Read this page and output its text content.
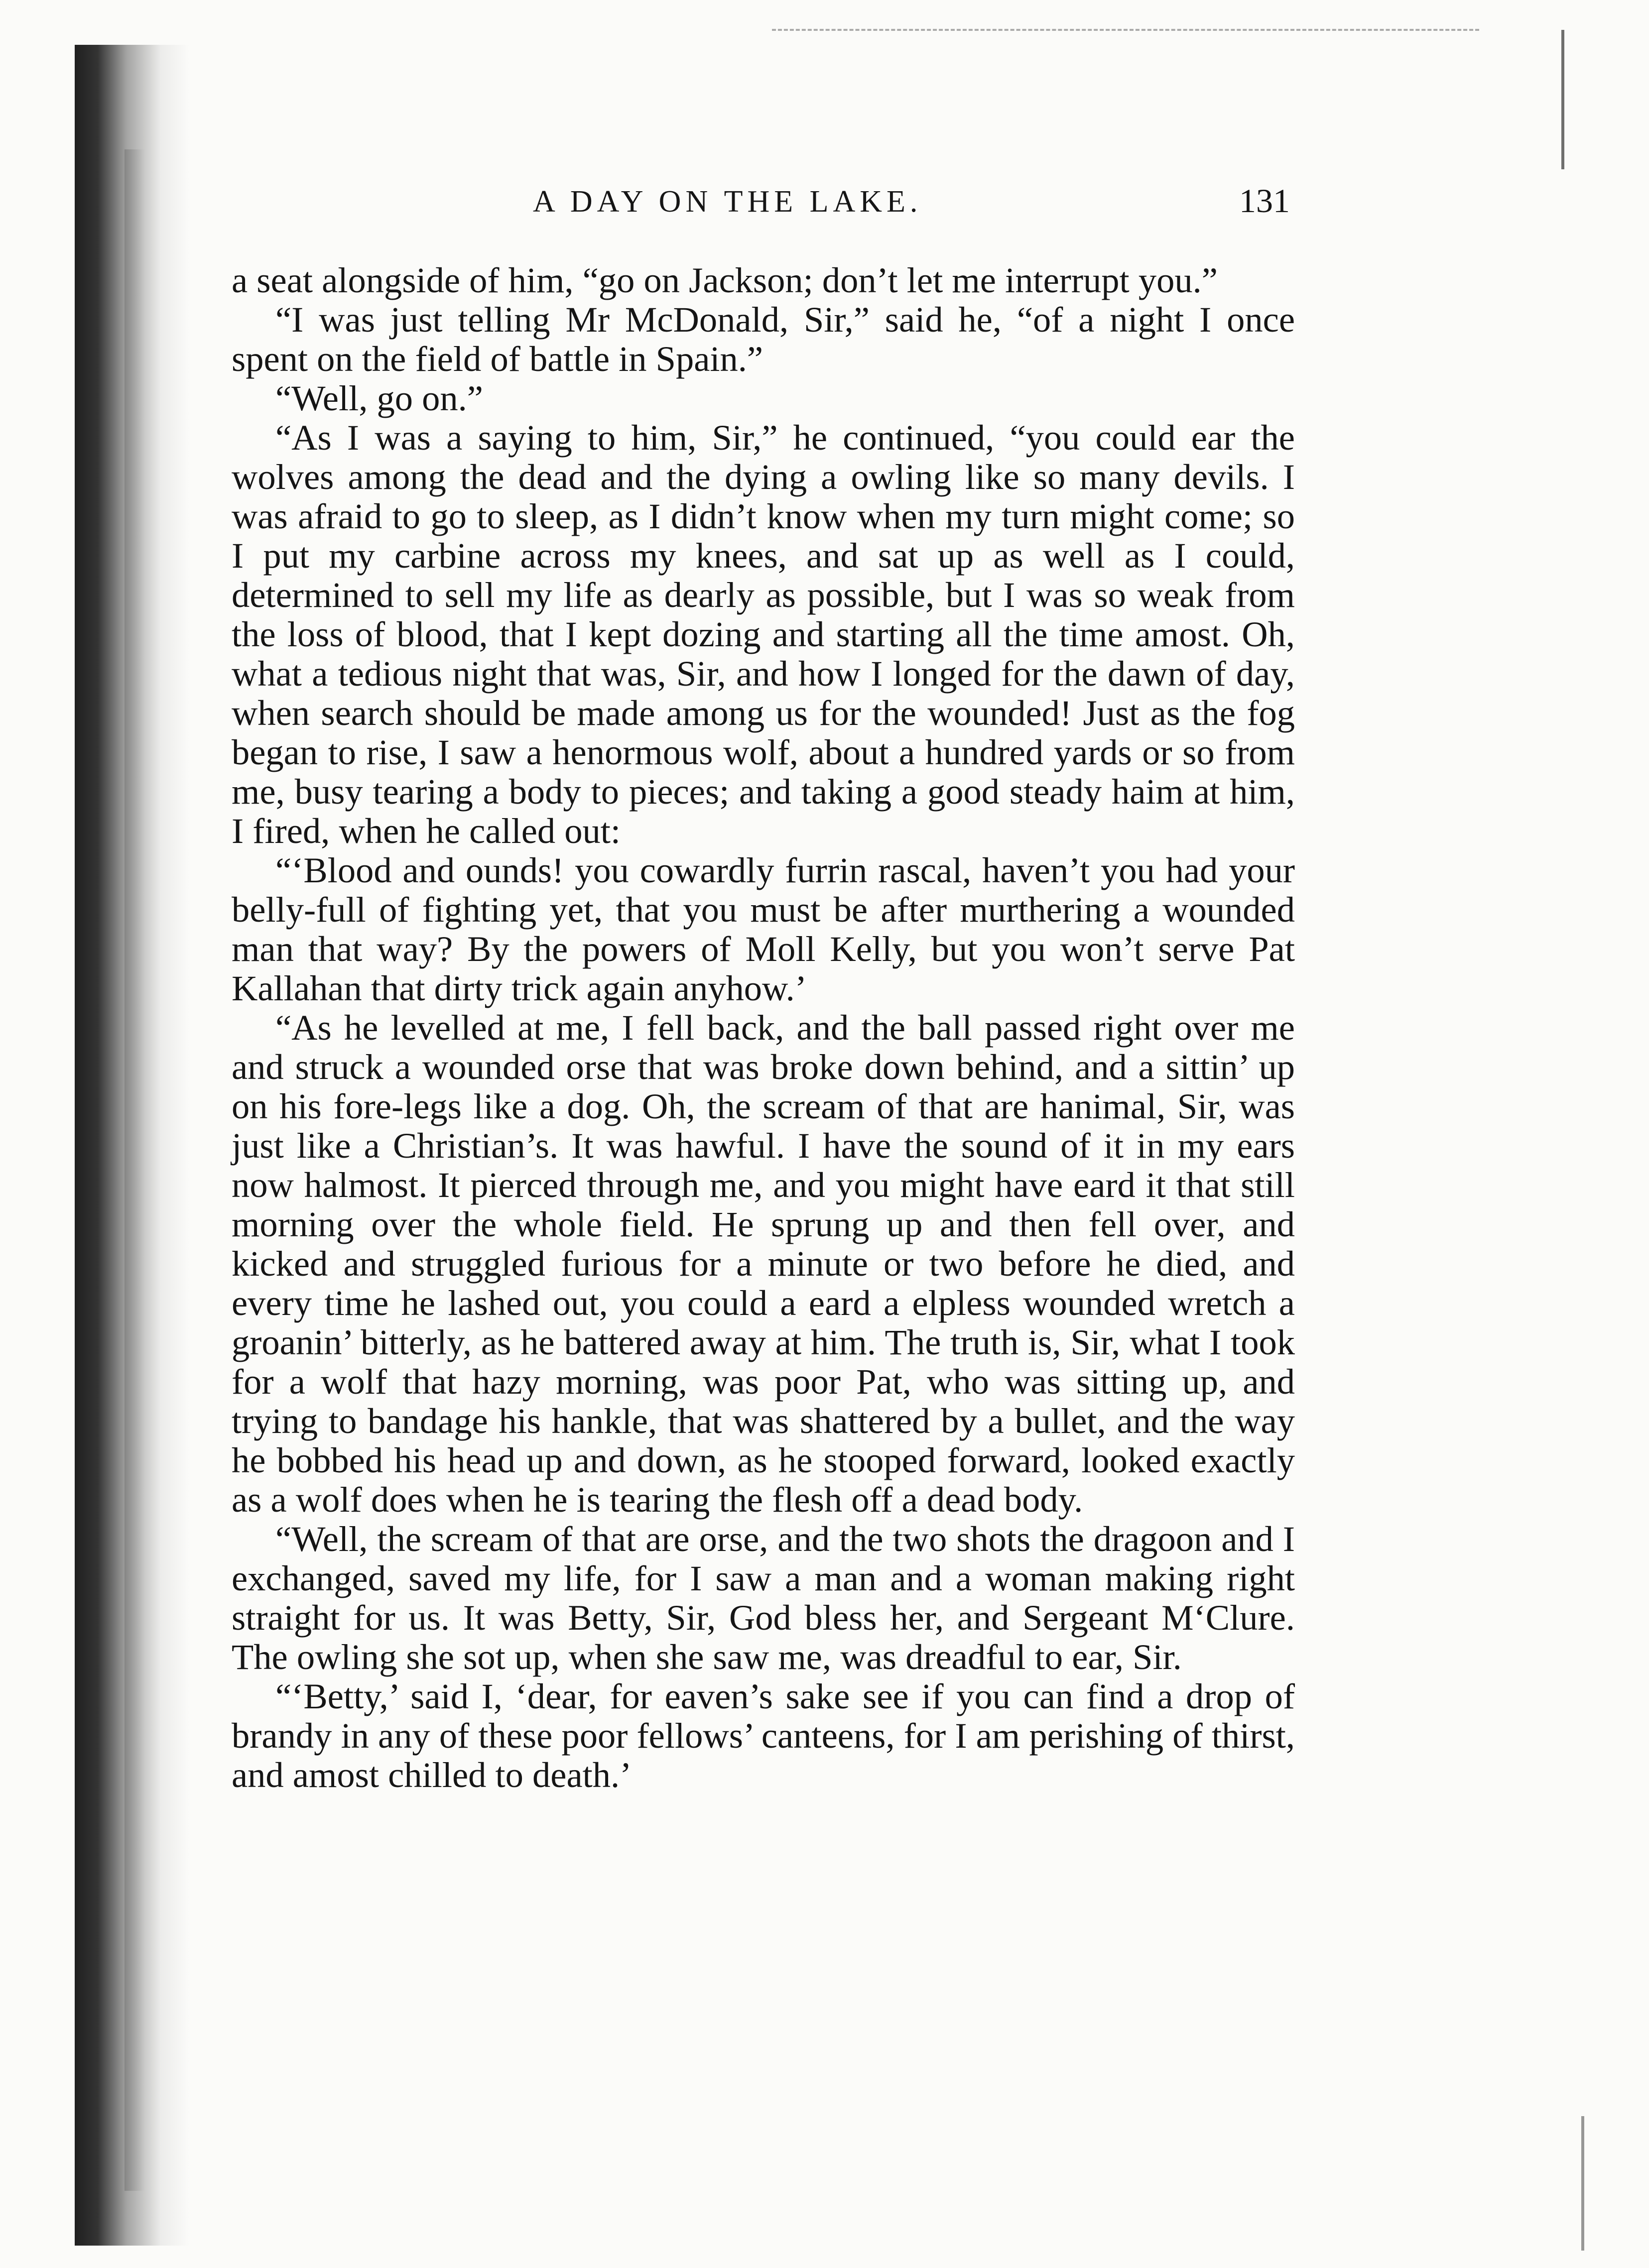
A DAY ON THE LAKE.	131

a seat alongside of him, “go on Jackson; don’t let me interrupt you.”

“I was just telling Mr McDonald, Sir,” said he, “of a night I once spent on the field of battle in Spain.”

“Well, go on.”

“As I was a saying to him, Sir,” he continued, “you could ear the wolves among the dead and the dying a owling like so many devils. I was afraid to go to sleep, as I didn’t know when my turn might come; so I put my carbine across my knees, and sat up as well as I could, determined to sell my life as dearly as possible, but I was so weak from the loss of blood, that I kept dozing and starting all the time amost. Oh, what a tedious night that was, Sir, and how I longed for the dawn of day, when search should be made among us for the wounded! Just as the fog began to rise, I saw a henormous wolf, about a hundred yards or so from me, busy tearing a body to pieces; and taking a good steady haim at him, I fired, when he called out:

“‘Blood and ounds! you cowardly furrin rascal, haven’t you had your belly-full of fighting yet, that you must be after murthering a wounded man that way? By the powers of Moll Kelly, but you won’t serve Pat Kallahan that dirty trick again anyhow.’

“As he levelled at me, I fell back, and the ball passed right over me and struck a wounded orse that was broke down behind, and a sittin’ up on his fore-legs like a dog. Oh, the scream of that are hanimal, Sir, was just like a Christian’s. It was hawful. I have the sound of it in my ears now halmost. It pierced through me, and you might have eard it that still morning over the whole field. He sprung up and then fell over, and kicked and struggled furious for a minute or two before he died, and every time he lashed out, you could a eard a elpless wounded wretch a groanin’ bitterly, as he battered away at him. The truth is, Sir, what I took for a wolf that hazy morning, was poor Pat, who was sitting up, and trying to bandage his hankle, that was shattered by a bullet, and the way he bobbed his head up and down, as he stooped forward, looked exactly as a wolf does when he is tearing the flesh off a dead body.

“Well, the scream of that are orse, and the two shots the dragoon and I exchanged, saved my life, for I saw a man and a woman making right straight for us. It was Betty, Sir, God bless her, and Sergeant M‘Clure. The owling she sot up, when she saw me, was dreadful to ear, Sir.

“‘Betty,’ said I, ‘dear, for eaven’s sake see if you can find a drop of brandy in any of these poor fellows’ canteens, for I am perishing of thirst, and amost chilled to death.’
